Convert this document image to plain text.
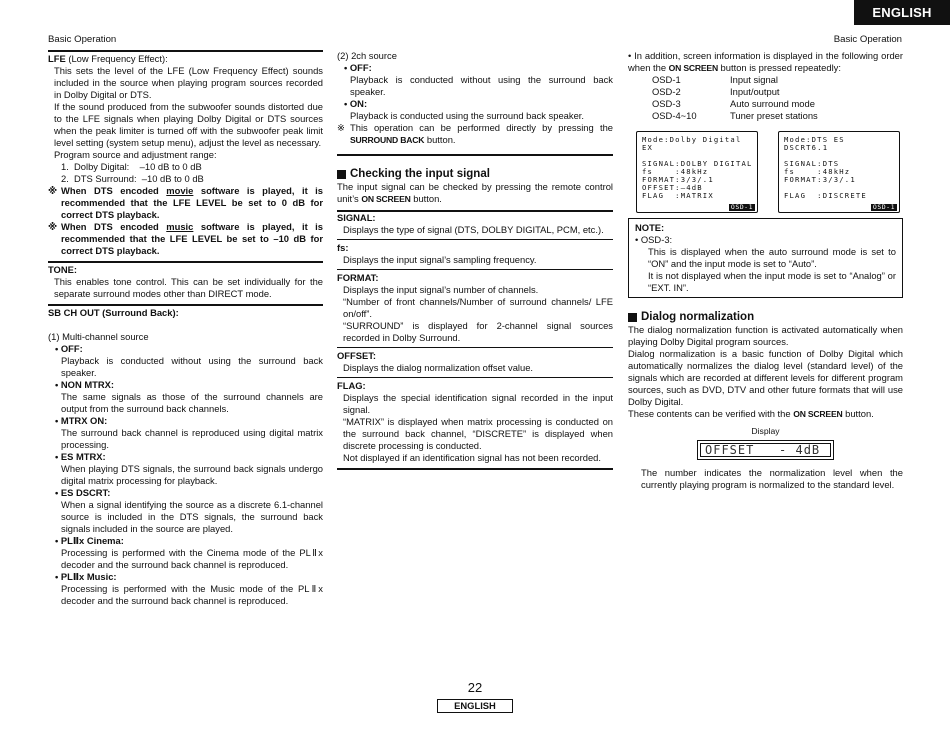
ENGLISH
Basic Operation	Basic Operation
LFE (Low Frequency Effect):
This sets the level of the LFE (Low Frequency Effect) sounds included in the source when playing program sources recorded in Dolby Digital or DTS.
If the sound produced from the subwoofer sounds distorted due to the LFE signals when playing Dolby Digital or DTS sources when the peak limiter is turned off with the subwoofer peak limit level setting (system setup menu), adjust the level as necessary.
Program source and adjustment range:
1.  Dolby Digital:    –10 dB to 0 dB
2.  DTS Surround:  –10 dB to 0 dB
※ When DTS encoded movie software is played, it is recommended that the LFE LEVEL be set to 0 dB for correct DTS playback.
※ When DTS encoded music software is played, it is recommended that the LFE LEVEL be set to –10 dB for correct DTS playback.
TONE:
This enables tone control. This can be set individually for the separate surround modes other than DIRECT mode.
SB CH OUT (Surround Back):
(1) Multi-channel source
• OFF:
Playback is conducted without using the surround back speaker.
• NON MTRX:
The same signals as those of the surround channels are output from the surround back channels.
• MTRX ON:
The surround back channel is reproduced using digital matrix processing.
• ES MTRX:
When playing DTS signals, the surround back signals undergo digital matrix processing for playback.
• ES DSCRT:
When a signal identifying the source as a discrete 6.1-channel source is included in the DTS signals, the surround back signals included in the source are played.
• PLⅡx Cinema:
Processing is performed with the Cinema mode of the PLⅡx decoder and the surround back channel is reproduced.
• PLⅡx Music:
Processing is performed with the Music mode of the PLⅡx decoder and the surround back channel is reproduced.
(2) 2ch source
• OFF:
Playback is conducted without using the surround back speaker.
• ON:
Playback is conducted using the surround back speaker.
※ This operation can be performed directly by pressing the SURROUND BACK button.
Checking the input signal
The input signal can be checked by pressing the remote control unit’s ON SCREEN button.
SIGNAL:
Displays the type of signal (DTS, DOLBY DIGITAL, PCM, etc.).
fs:
Displays the input signal’s sampling frequency.
FORMAT:
Displays the input signal’s number of channels.
“Number of front channels/Number of surround channels/ LFE on/off”.
“SURROUND” is displayed for 2-channel signal sources recorded in Dolby Surround.
OFFSET:
Displays the dialog normalization offset value.
FLAG:
Displays the special identification signal recorded in the input signal.
“MATRIX” is displayed when matrix processing is conducted on the surround back channel, “DISCRETE” is displayed when discrete processing is conducted.
Not displayed if an identification signal has not been recorded.
• In addition, screen information is displayed in the following order when the ON SCREEN button is pressed repeatedly:
OSD-1	Input signal
OSD-2	Input/output
OSD-3	Auto surround mode
OSD-4~10	Tuner preset stations
Mode:Dolby Digital EX
SIGNAL:DOLBY DIGITAL
fs    :48kHz
FORMAT:3/3/.1
OFFSET:–4dB
FLAG  :MATRIX
OSD-1
Mode:DTS ES DSCRT6.1
SIGNAL:DTS
fs    :48kHz
FORMAT:3/3/.1
FLAG  :DISCRETE
OSD-1
NOTE:
• OSD-3:
This is displayed when the auto surround mode is set to “ON” and the input mode is set to “Auto”.
It is not displayed when the input mode is set to “Analog” or “EXT. IN”.
Dialog normalization
The dialog normalization function is activated automatically when playing Dolby Digital program sources.
Dialog normalization is a basic function of Dolby Digital which automatically normalizes the dialog level (standard level) of the signals which are recorded at different levels for different program sources, such as DVD, DTV and other future formats that will use Dolby Digital.
These contents can be verified with the ON SCREEN button.
Display
OFFSET   - 4dB
The number indicates the normalization level when the currently playing program is normalized to the standard level.
22
ENGLISH
